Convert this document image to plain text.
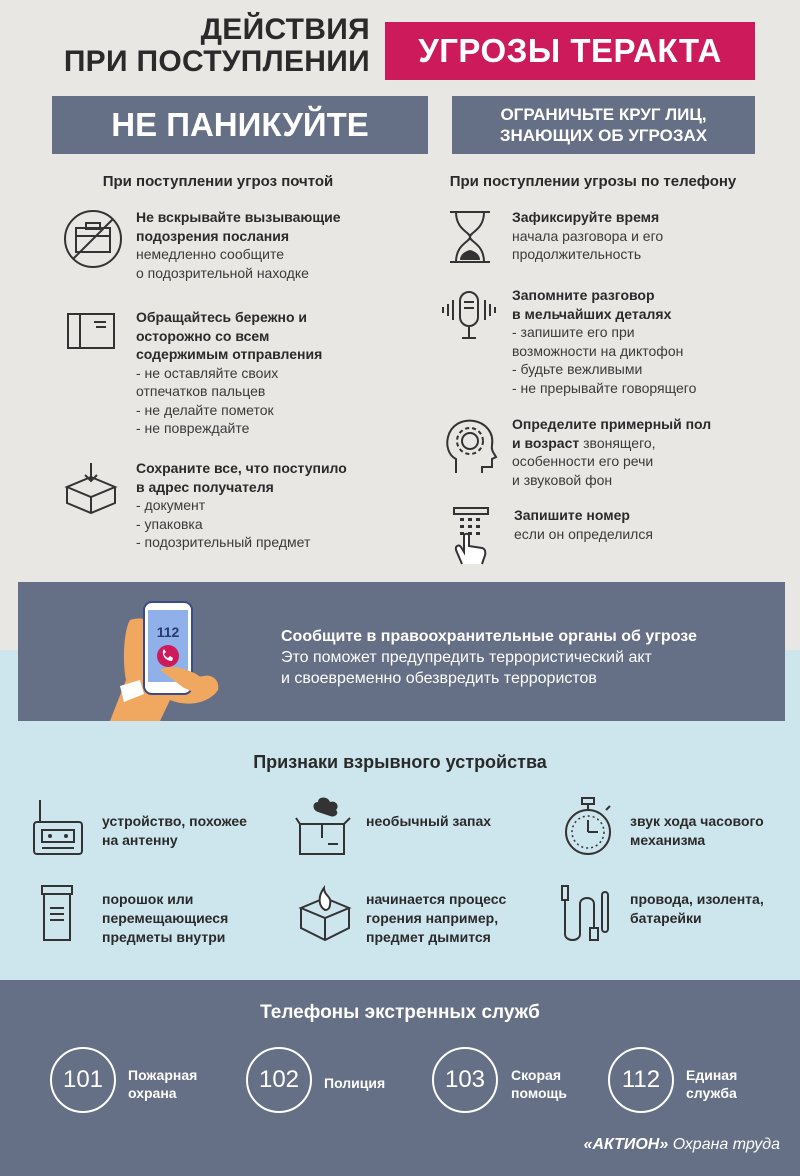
ДЕЙСТВИЯ
ПРИ ПОСТУПЛЕНИИ	УГРОЗЫ ТЕРАКТА
НЕ ПАНИКУЙТЕ	ОГРАНИЧЬТЕ КРУГ ЛИЦ,
ЗНАЮЩИХ ОБ УГРОЗАХ
При поступлении угроз почтой	При поступлении угрозы по телефону
Не вскрывайте вызывающие
подозрения послания
немедленно сообщите
о подозрительной находке
Обращайтесь бережно и
осторожно со всем
содержимым отправления
- не оставляйте своих
отпечатков пальцев
- не делайте пометок
- не повреждайте
Сохраните все, что поступило
в адрес получателя
- документ
- упаковка
- подозрительный предмет
Зафиксируйте время
начала разговора и его
продолжительность
Запомните разговор
в мельчайших деталях
- запишите его при
возможности на диктофон
- будьте вежливыми
- не прерывайте говорящего
Определите примерный пол
и возраст звонящего,
особенности его речи
и звуковой фон
Запишите номер
если он определился
112	Сообщите в правоохранительные органы об угрозе
Это поможет предупредить террористический акт
и своевременно обезвредить террористов
Признаки взрывного устройства
устройство, похожее
на антенну
необычный запах	звук хода часового
механизма
порошок или
перемещающиеся
предметы внутри
начинается процесс
горения например,
предмет дымится
провода, изолента,
батарейки
Телефоны экстренных служб
101	Пожарная
охрана	102	Полиция	103	Скорая
помощь	112	Единая
служба
«АКТИОН» Охрана труда
